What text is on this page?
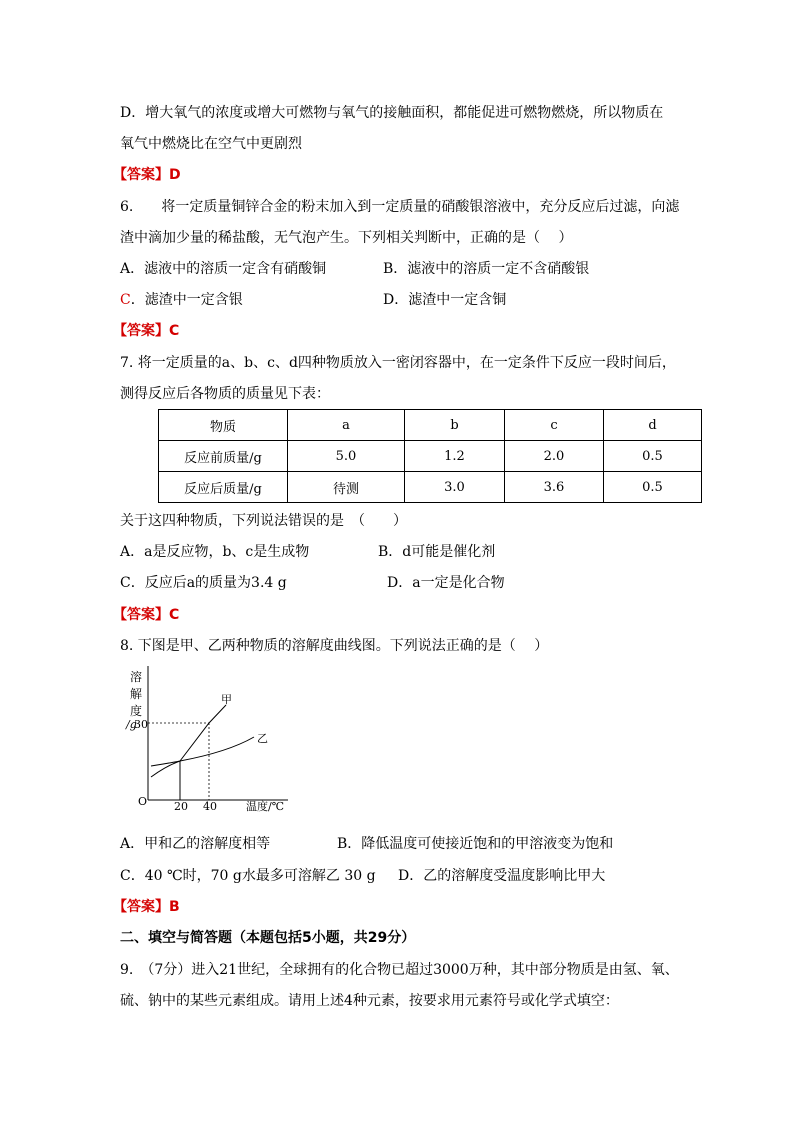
D．增大氧气的浓度或增大可燃物与氧气的接触面积，都能促进可燃物燃烧，所以物质在
氧气中燃烧比在空气中更剧烈
【答案】D
6.　　将一定质量铜锌合金的粉末加入到一定质量的硝酸银溶液中，充分反应后过滤，向滤
渣中滴加少量的稀盐酸，无气泡产生。下列相关判断中，正确的是（　 ）
A．滤液中的溶质一定含有硝酸铜	B．滤液中的溶质一定不含硝酸银
C．滤渣中一定含银	D．滤渣中一定含铜
【答案】C
7. 将一定质量的a、b、c、d四种物质放入一密闭容器中，在一定条件下反应一段时间后，
测得反应后各物质的质量见下表：
物质	a	b	c	d
反应前质量/g	5.0	1.2	2.0	0.5
反应后质量/g	待测	3.0	3.6	0.5
关于这四种物质，下列说法错误的是　（　　）
A．a是反应物，b、c是生成物	B．d可能是催化剂
C．反应后a的质量为3.4 g	D．a一定是化合物
【答案】C
8. 下图是甲、乙两种物质的溶解度曲线图。下列说法正确的是（　 ）
溶
解
度
/g
30
O 20 40	温度/℃
甲
乙
A．甲和乙的溶解度相等	B．降低温度可使接近饱和的甲溶液变为饱和
C．40 ℃时，70 g水最多可溶解乙 30 g D．乙的溶解度受温度影响比甲大
【答案】B
二、填空与简答题（本题包括5小题，共29分）
9.　（7分）进入21世纪，全球拥有的化合物已超过3000万种，其中部分物质是由氢、氧、
硫、钠中的某些元素组成。请用上述4种元素，按要求用元素符号或化学式填空：
